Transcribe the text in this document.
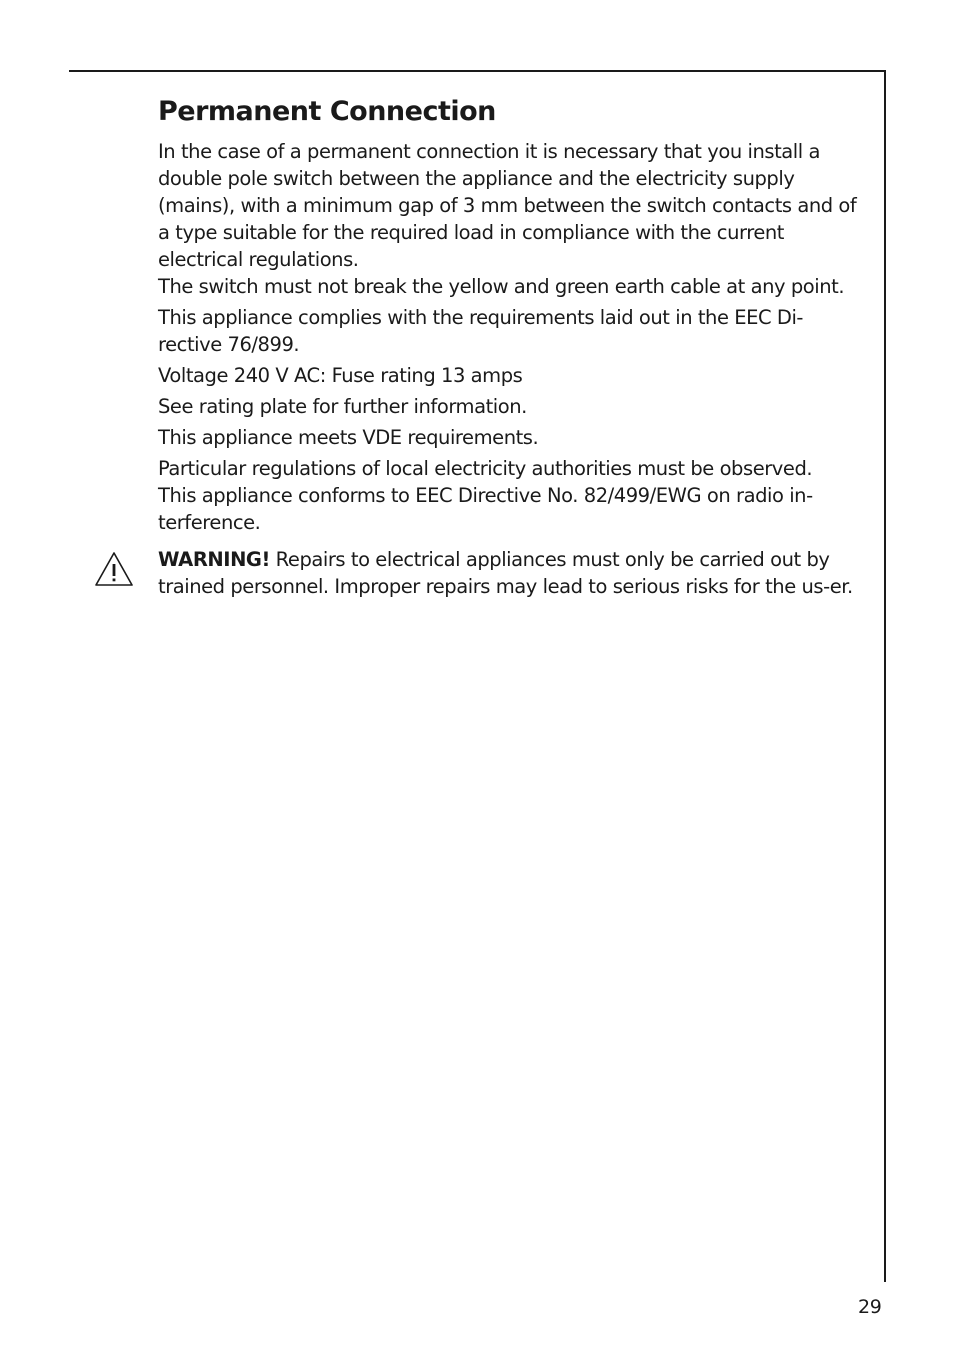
Permanent Connection

In the case of a permanent connection it is necessary that you install a double pole switch between the appliance and the electricity supply (mains), with a minimum gap of 3 mm between the switch contacts and of a type suitable for the required load in compliance with the current electrical regulations.

The switch must not break the yellow and green earth cable at any point.

This appliance complies with the requirements laid out in the EEC Di-rective 76/899.

Voltage 240 V AC: Fuse rating 13 amps

See rating plate for further information.

This appliance meets VDE requirements.

Particular regulations of local electricity authorities must be observed.

This appliance conforms to EEC Directive No. 82/499/EWG on radio in-terference.

WARNING! Repairs to electrical appliances must only be carried out by trained personnel. Improper repairs may lead to serious risks for the us-er.

29
